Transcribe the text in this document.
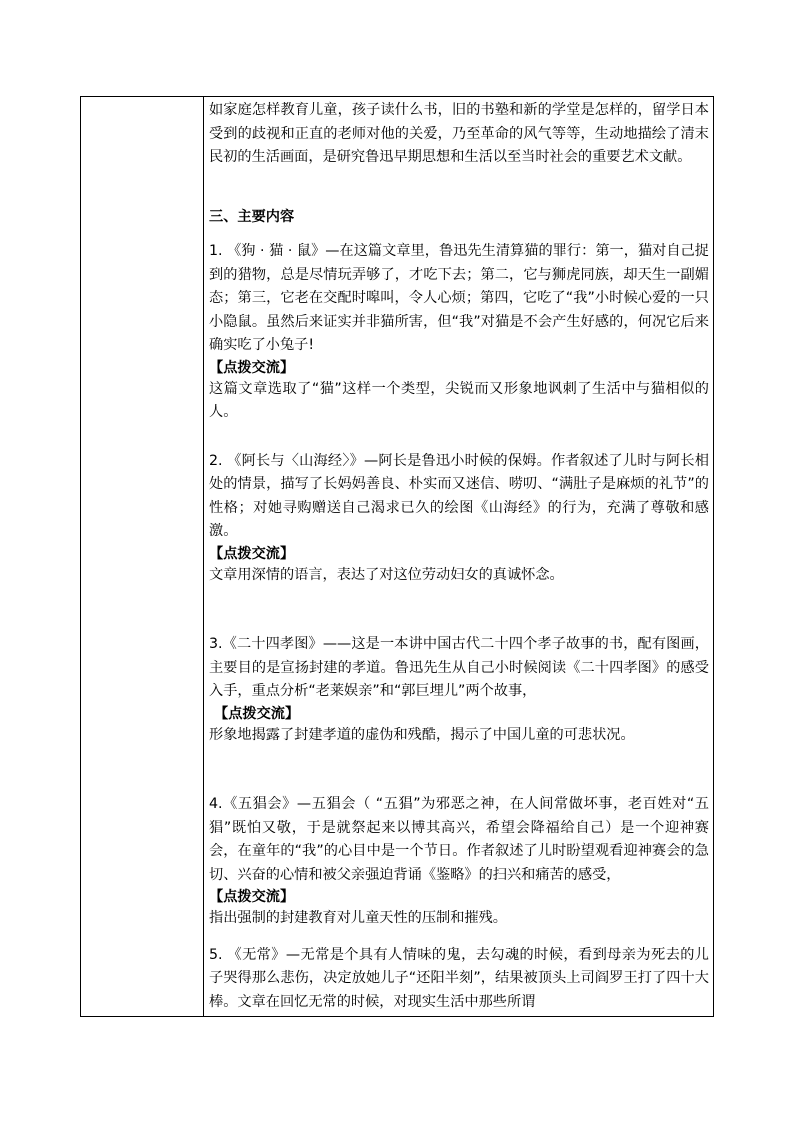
如家庭怎样教育儿童，孩子读什么书，旧的书塾和新的学堂是怎样的，留学日本受到的歧视和正直的老师对他的关爱，乃至革命的风气等等，生动地描绘了清末民初的生活画面，是研究鲁迅早期思想和生活以至当时社会的重要艺术文献。

三、主要内容

1. 《狗 · 猫 · 鼠》—在这篇文章里，鲁迅先生清算猫的罪行：第一，猫对自己捉到的猎物，总是尽情玩弄够了，才吃下去；第二，它与狮虎同族，却天生一副媚态；第三，它老在交配时嗥叫，令人心烦；第四，它吃了“我”小时候心爱的一只小隐鼠。虽然后来证实并非猫所害，但“我”对猫是不会产生好感的，何况它后来确实吃了小兔子!

【点拨交流】

这篇文章选取了“猫”这样一个类型，尖锐而又形象地讽刺了生活中与猫相似的人。

2. 《阿长与〈山海经〉》—阿长是鲁迅小时候的保姆。作者叙述了儿时与阿长相处的情景，描写了长妈妈善良、朴实而又迷信、唠叨、“满肚子是麻烦的礼节”的性格；对她寻购赠送自己渴求已久的绘图《山海经》的行为，充满了尊敬和感激。

【点拨交流】

文章用深情的语言，表达了对这位劳动妇女的真诚怀念。

3.《二十四孝图》——这是一本讲中国古代二十四个孝子故事的书，配有图画，主要目的是宣扬封建的孝道。鲁迅先生从自己小时候阅读《二十四孝图》的感受入手，重点分析“老莱娱亲”和“郭巨埋儿”两个故事，

【点拨交流】

形象地揭露了封建孝道的虚伪和残酷，揭示了中国儿童的可悲状况。

4.《五猖会》—五猖会（ “五猖”为邪恶之神，在人间常做坏事，老百姓对“五猖”既怕又敬，于是就祭起来以博其高兴，希望会降福给自己）是一个迎神赛会，在童年的“我”的心目中是一个节日。作者叙述了儿时盼望观看迎神赛会的急切、兴奋的心情和被父亲强迫背诵《鉴略》的扫兴和痛苦的感受，

【点拨交流】

指出强制的封建教育对儿童天性的压制和摧残。

5. 《无常》—无常是个具有人情味的鬼，去勾魂的时候，看到母亲为死去的儿子哭得那么悲伤，决定放她儿子“还阳半刻”，结果被顶头上司阎罗王打了四十大棒。文章在回忆无常的时候，对现实生活中那些所谓
